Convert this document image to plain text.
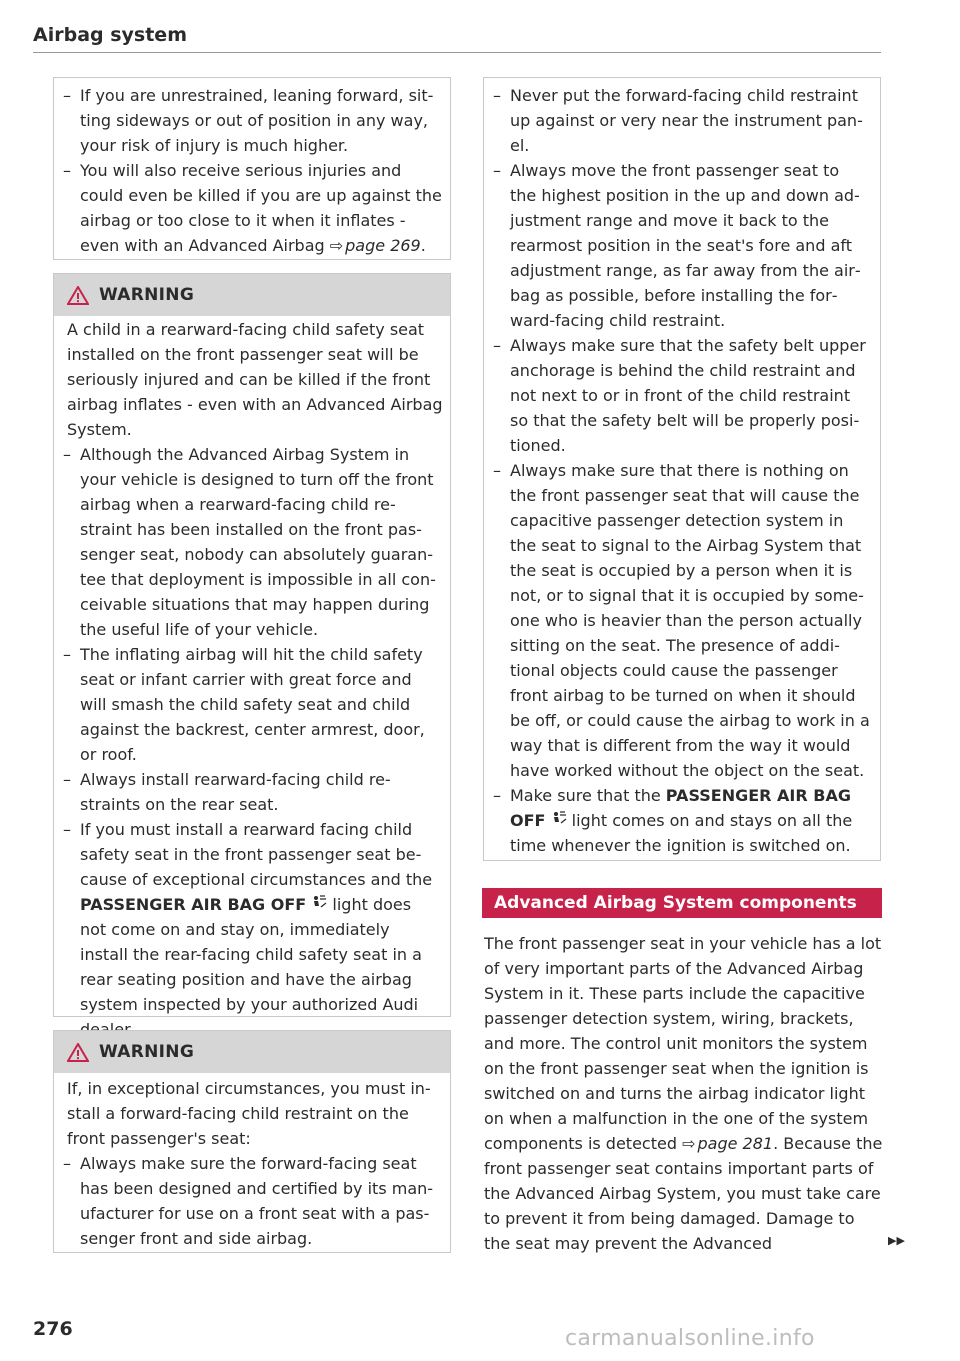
Airbag system
– If you are unrestrained, leaning forward, sitting sideways or out of position in any way, your risk of injury is much higher.
– You will also receive serious injuries and could even be killed if you are up against the airbag or too close to it when it inflates - even with an Advanced Airbag ⇨ page 269.
WARNING

A child in a rearward-facing child safety seat installed on the front passenger seat will be seriously injured and can be killed if the front airbag inflates - even with an Advanced Airbag System.

– Although the Advanced Airbag System in your vehicle is designed to turn off the front airbag when a rearward-facing child restraint has been installed on the front passenger seat, nobody can absolutely guarantee that deployment is impossible in all conceivable situations that may happen during the useful life of your vehicle.
– The inflating airbag will hit the child safety seat or infant carrier with great force and will smash the child safety seat and child against the backrest, center armrest, door, or roof.
– Always install rearward-facing child restraints on the rear seat.
– If you must install a rearward facing child safety seat in the front passenger seat because of exceptional circumstances and the PASSENGER AIR BAG OFF  light does not come on and stay on, immediately install the rear-facing child safety seat in a rear seating position and have the airbag system inspected by your authorized Audi
WARNING

If, in exceptional circumstances, you must install a forward-facing child restraint on the front passenger's seat:

– Always make sure the forward-facing seat has been designed and certified by its manufacturer for use on a front seat with a passenger front and side airbag.
– Never put the forward-facing child restraint up against or very near the instrument panel.
– Always move the front passenger seat to the highest position in the up and down adjustment range and move it back to the rearmost position in the seat's fore and aft adjustment range, as far away from the airbag as possible, before installing the forward-facing child restraint.
– Always make sure that the safety belt upper anchorage is behind the child restraint and not next to or in front of the child restraint so that the safety belt will be properly positioned.
– Always make sure that there is nothing on the front passenger seat that will cause the capacitive passenger detection system in the seat to signal to the Airbag System that the seat is occupied by a person when it is not, or to signal that it is occupied by someone who is heavier than the person actually sitting on the seat. The presence of additional objects could cause the passenger front airbag to be turned on when it should be off, or could cause the airbag to work in a way that is different from the way it would have worked without the object on the seat.
– Make sure that the PASSENGER AIR BAG OFF  light comes on and stays on all the time whenever the ignition is switched on.
Advanced Airbag System components

The front passenger seat in your vehicle has a lot of very important parts of the Advanced Airbag System in it. These parts include the capacitive passenger detection system, wiring, brackets, and more. The control unit monitors the system on the front passenger seat when the ignition is switched on and turns the airbag indicator light on when a malfunction in the one of the system components is detected ⇨ page 281. Because the front passenger seat contains important parts of the Advanced Airbag System, you must take care to prevent it from being damaged. Damage to the seat may prevent the Advanced	▶▶
276	carmanualsonline.info
